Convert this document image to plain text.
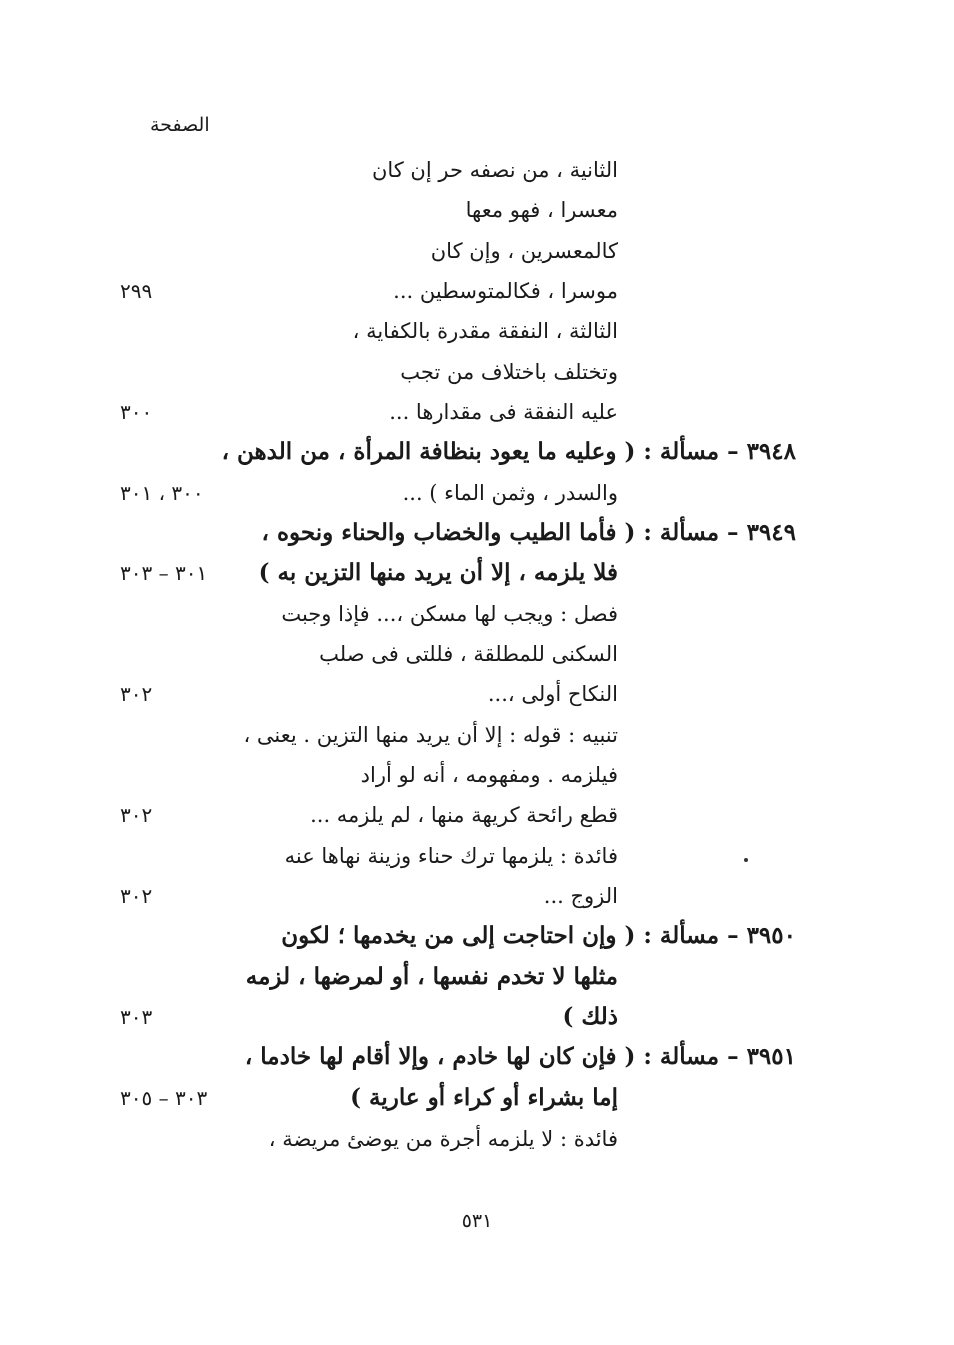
الصفحة
الثانية ، من نصفه حر إن كان
معسرا ، فهو معها
كالمعسرين ، وإن كان
موسرا ، فكالمتوسطين ...
٢٩٩
الثالثة ، النفقة مقدرة بالكفاية ،
وتختلف باختلاف من تجب
عليه النفقة فى مقدارها ...
٣٠٠
٣٩٤٨ – مسألة : ( وعليه ما يعود بنظافة المرأة ، من الدهن ،
والسدر ، وثمن الماء ) ...
٣٠٠ ، ٣٠١
٣٩٤٩ – مسألة : ( فأما الطيب والخضاب والحناء ونحوه ،
فلا يلزمه ، إلا أن يريد منها التزين به )
٣٠١ – ٣٠٣
فصل : ويجب لها مسكن ،... فإذا وجبت
السكنى للمطلقة ، فللتى فى صلب
النكاح أولى ،...
٣٠٢
تنبيه : قوله : إلا أن يريد منها التزين . يعنى ،
فيلزمه . ومفهومه ، أنه لو أراد
قطع رائحة كريهة منها ، لم يلزمه ...
٣٠٢
فائدة : يلزمها ترك حناء وزينة نهاها عنه
الزوج ...
٣٠٢
٣٩٥٠ – مسألة : ( وإن احتاجت إلى من يخدمها ؛ لكون
مثلها لا تخدم نفسها ، أو لمرضها ، لزمه
ذلك )
٣٠٣
٣٩٥١ – مسألة : ( فإن كان لها خادم ، وإلا أقام لها خادما ،
إما بشراء أو كراء أو عارية )
٣٠٣ – ٣٠٥
فائدة : لا يلزمه أجرة من يوضئ مريضة ،
٥٣١
